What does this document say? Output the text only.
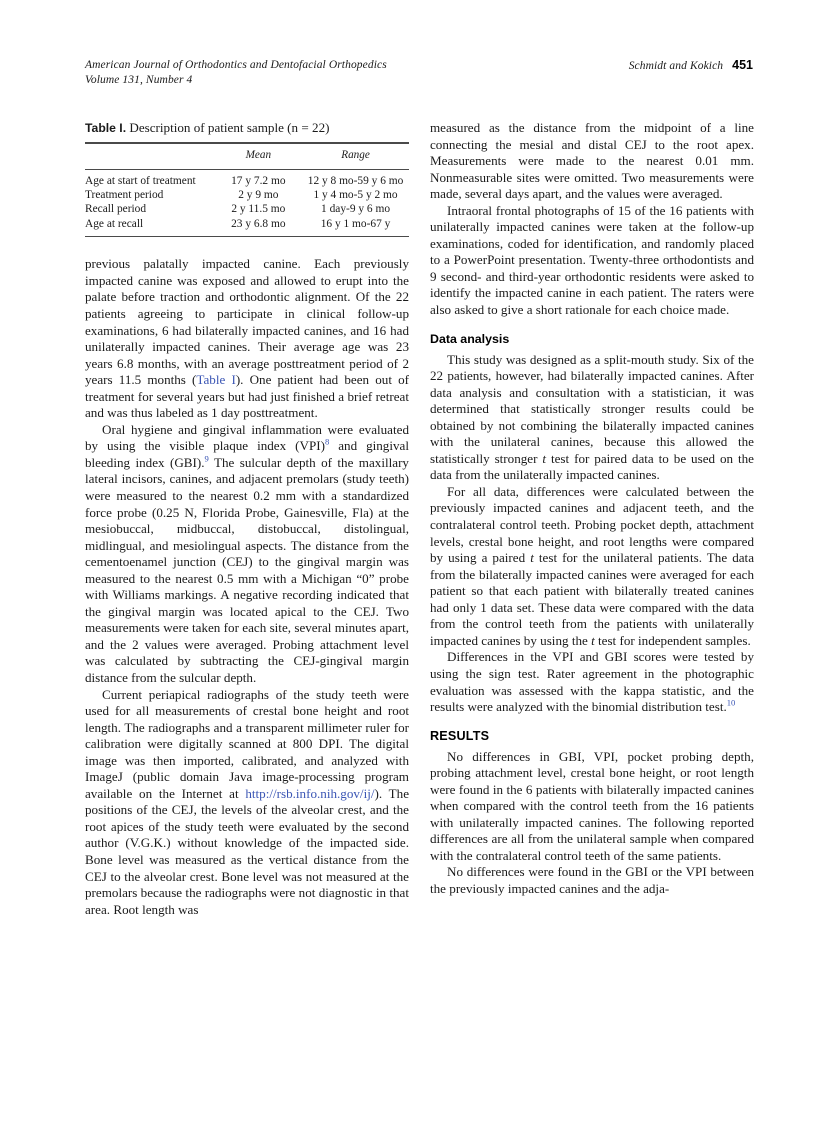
American Journal of Orthodontics and Dentofacial Orthopedics
Volume 131, Number 4
Schmidt and Kokich 451
Table I. Description of patient sample (n = 22)
	Mean	Range
Age at start of treatment	17 y 7.2 mo	12 y 8 mo-59 y 6 mo
Treatment period	2 y 9 mo	1 y 4 mo-5 y 2 mo
Recall period	2 y 11.5 mo	1 day-9 y 6 mo
Age at recall	23 y 6.8 mo	16 y 1 mo-67 y

previous palatally impacted canine. Each previously impacted canine was exposed and allowed to erupt into the palate before traction and orthodontic alignment. Of the 22 patients agreeing to participate in clinical follow-up examinations, 6 had bilaterally impacted canines, and 16 had unilaterally impacted canines. Their average age was 23 years 6.8 months, with an average posttreatment period of 2 years 11.5 months (Table I). One patient had been out of treatment for several years but had just finished a brief retreat and was thus labeled as 1 day posttreatment.

Oral hygiene and gingival inflammation were evaluated by using the visible plaque index (VPI)$^8$ and gingival bleeding index (GBI).$^9$ The sulcular depth of the maxillary lateral incisors, canines, and adjacent premolars (study teeth) were measured to the nearest 0.2 mm with a standardized force probe (0.25 N, Florida Probe, Gainesville, Fla) at the mesiobuccal, midbuccal, distobuccal, distolingual, midlingual, and mesiolingual aspects. The distance from the cementoenamel junction (CEJ) to the gingival margin was measured to the nearest 0.5 mm with a Michigan “0” probe with Williams markings. A negative recording indicated that the gingival margin was located apical to the CEJ. Two measurements were taken for each site, several minutes apart, and the 2 values were averaged. Probing attachment level was calculated by subtracting the CEJ-gingival margin distance from the sulcular depth.

Current periapical radiographs of the study teeth were used for all measurements of crestal bone height and root length. The radiographs and a transparent millimeter ruler for calibration were digitally scanned at 800 DPI. The digital image was then imported, calibrated, and analyzed with ImageJ (public domain Java image-processing program available on the Internet at http://rsb.info.nih.gov/ij/). The positions of the CEJ, the levels of the alveolar crest, and the root apices of the study teeth were evaluated by the second author (V.G.K.) without knowledge of the impacted side. Bone level was measured as the vertical distance from the CEJ to the alveolar crest. Bone level was not measured at the premolars because the radiographs were not diagnostic in that area. Root length was

measured as the distance from the midpoint of a line connecting the mesial and distal CEJ to the root apex. Measurements were made to the nearest 0.01 mm. Nonmeasurable sites were omitted. Two measurements were made, several days apart, and the values were averaged.

Intraoral frontal photographs of 15 of the 16 patients with unilaterally impacted canines were taken at the follow-up examinations, coded for identification, and randomly placed to a PowerPoint presentation. Twenty-three orthodontists and 9 second- and third-year orthodontic residents were asked to identify the impacted canine in each patient. The raters were also asked to give a short rationale for each choice made.

Data analysis

This study was designed as a split-mouth study. Six of the 22 patients, however, had bilaterally impacted canines. After data analysis and consultation with a statistician, it was determined that statistically stronger results could be obtained by not combining the bilaterally impacted canines with the unilateral canines, because this allowed the statistically stronger t test for paired data to be used on the data from the unilaterally impacted canines.

For all data, differences were calculated between the previously impacted canines and adjacent teeth, and the contralateral control teeth. Probing pocket depth, attachment levels, crestal bone height, and root lengths were compared by using a paired t test for the unilateral patients. The data from the bilaterally impacted canines were averaged for each patient so that each patient with bilaterally treated canines had only 1 data set. These data were compared with the data from the control teeth from the patients with unilaterally impacted canines by using the t test for independent samples.

Differences in the VPI and GBI scores were tested by using the sign test. Rater agreement in the photographic evaluation was assessed with the kappa statistic, and the results were analyzed with the binomial distribution test.$^{10}$

RESULTS

No differences in GBI, VPI, pocket probing depth, probing attachment level, crestal bone height, or root length were found in the 6 patients with bilaterally impacted canines when compared with the control teeth from the 16 patients with unilaterally impacted canines. The following reported differences are all from the unilateral sample when compared with the contralateral control teeth of the same patients.

No differences were found in the GBI or the VPI between the previously impacted canines and the adja-
